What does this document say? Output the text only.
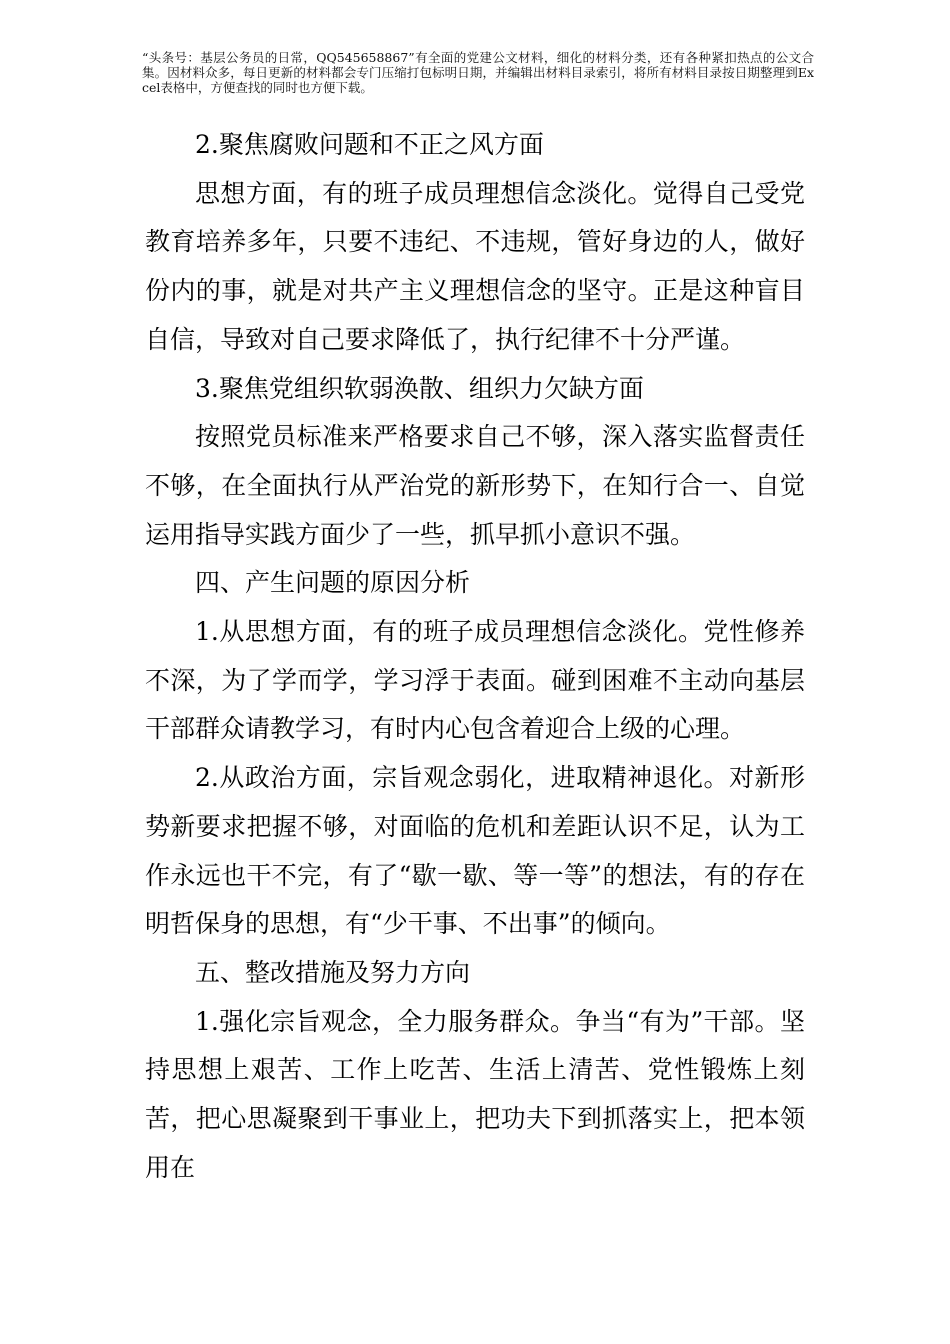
“头条号：基层公务员的日常，QQ545658867”有全面的党建公文材料，细化的材料分类，还有各种紧扣热点的公文合集。因材料众多，每日更新的材料都会专门压缩打包标明日期，并编辑出材料目录索引，将所有材料目录按日期整理到Excel表格中，方便查找的同时也方便下载。
2.聚焦腐败问题和不正之风方面
思想方面，有的班子成员理想信念淡化。觉得自己受党教育培养多年，只要不违纪、不违规，管好身边的人，做好份内的事，就是对共产主义理想信念的坚守。正是这种盲目自信，导致对自己要求降低了，执行纪律不十分严谨。
3.聚焦党组织软弱涣散、组织力欠缺方面
按照党员标准来严格要求自己不够，深入落实监督责任不够，在全面执行从严治党的新形势下，在知行合一、自觉运用指导实践方面少了一些，抓早抓小意识不强。
四、产生问题的原因分析
1.从思想方面，有的班子成员理想信念淡化。党性修养不深，为了学而学，学习浮于表面。碰到困难不主动向基层干部群众请教学习，有时内心包含着迎合上级的心理。
2.从政治方面，宗旨观念弱化，进取精神退化。对新形势新要求把握不够，对面临的危机和差距认识不足，认为工作永远也干不完，有了“歇一歇、等一等”的想法，有的存在明哲保身的思想，有“少干事、不出事”的倾向。
五、整改措施及努力方向
1.强化宗旨观念，全力服务群众。争当“有为”干部。坚持思想上艰苦、工作上吃苦、生活上清苦、党性锻炼上刻苦，把心思凝聚到干事业上，把功夫下到抓落实上，把本领用在
